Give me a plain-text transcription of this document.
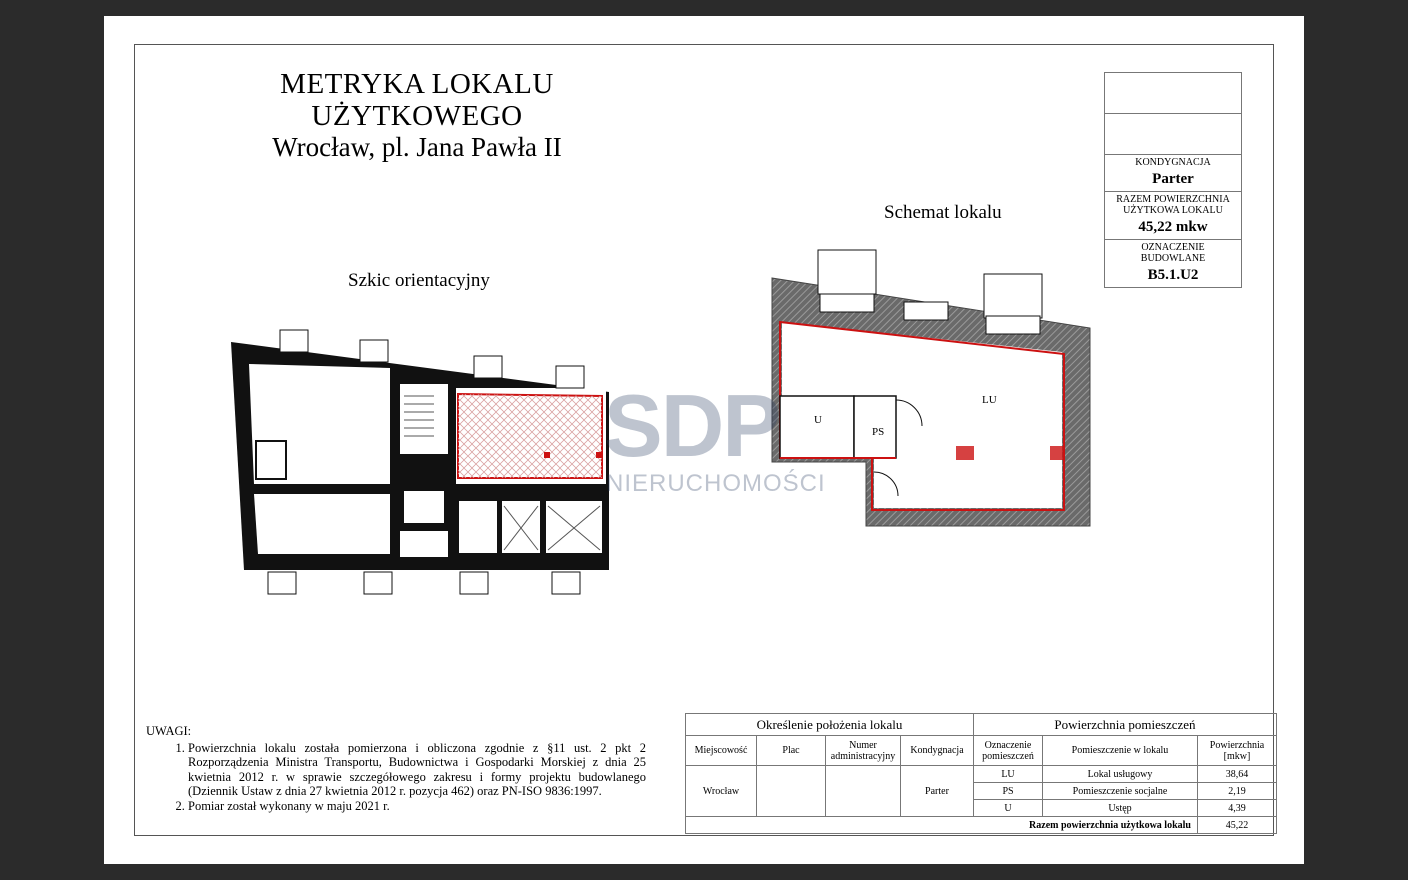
METRYKA LOKALU UŻYTKOWEGO
Wrocław, pl. Jana Pawła II
Szkic orientacyjny
Schemat lokalu
KONDYGNACJA
Parter
RAZEM POWIERZCHNIA
UŻYTKOWA LOKALU
45,22 mkw
OZNACZENIE
BUDOWLANE
B5.1.U2
LU
U
PS
SDP
NIERUCHOMOŚCI
UWAGI:
1. Powierzchnia lokalu została pomierzona i obliczona zgodnie z §11 ust. 2 pkt 2 Rozporządzenia Ministra Transportu, Budownictwa i Gospodarki Morskiej z dnia 25 kwietnia 2012 r. w sprawie szczegółowego zakresu i formy projektu budowlanego (Dziennik Ustaw z dnia 27 kwietnia 2012 r. pozycja 462) oraz PN-ISO 9836:1997.
2. Pomiar został wykonany w maju 2021 r.
Określenie położenia lokalu				Powierzchnia pomieszczeń		
Miejscowość	Plac	Numer administracyjny	Kondygnacja	Oznaczenie pomieszczeń	Pomieszczenie w lokalu	Powierzchnia [mkw]
Wrocław			Parter	LU	Lokal usługowy	38,64
				PS	Pomieszczenie socjalne	2,19
				U	Ustęp	4,39
Razem powierzchnia użytkowa lokalu						45,22
